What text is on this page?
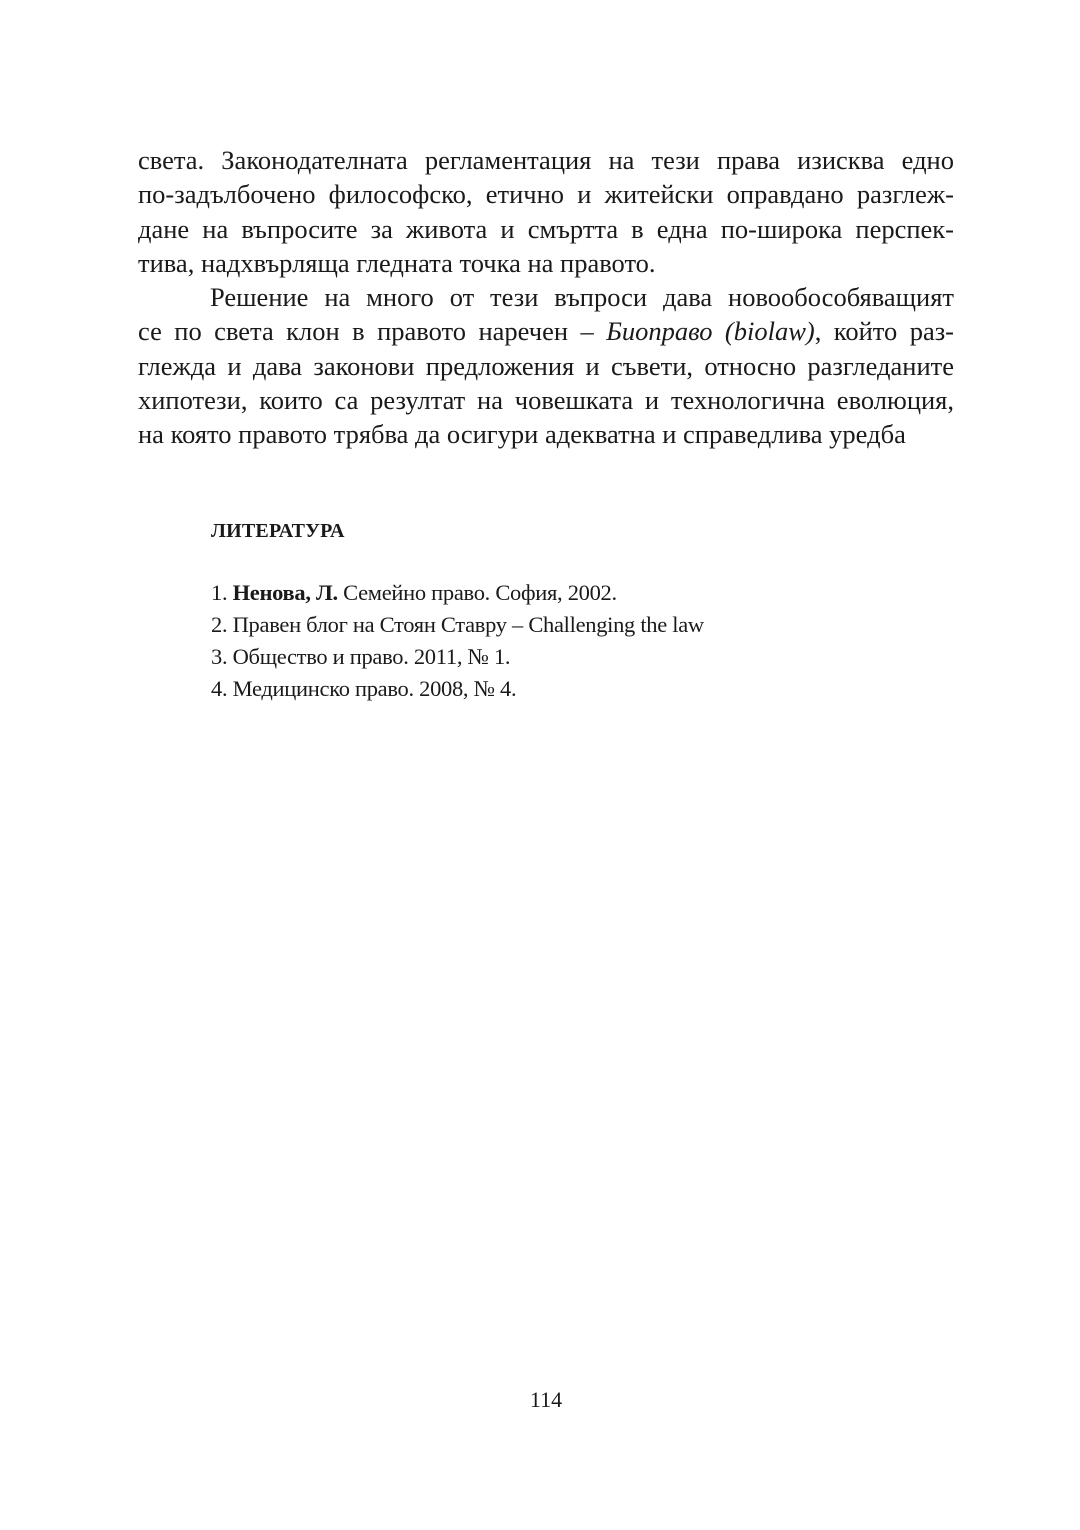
света. Законодателната регламентация на тези права изисква едно
по-задълбочено философско, етично и житейски оправдано разглеж-
дане на въпросите за живота и смъртта в една по-широка перспек-
тива, надхвърляща гледната точка на правото.
Решение на много от тези въпроси дава новообособяващият
се по света клон в правото наречен – Биоправо (biolaw), който раз-
глежда и дава законови предложения и съвети, относно разгледаните
хипотези, които са резултат на човешката и технологична еволюция,
на която правото трябва да осигури адекватна и справедлива уредба
ЛИТЕРАТУРА
1. Ненова, Л. Семейно право. София, 2002.
2. Правен блог на Стоян Ставру – Challenging the law
3. Общество и право. 2011, № 1.
4. Медицинско право. 2008, № 4.
114
